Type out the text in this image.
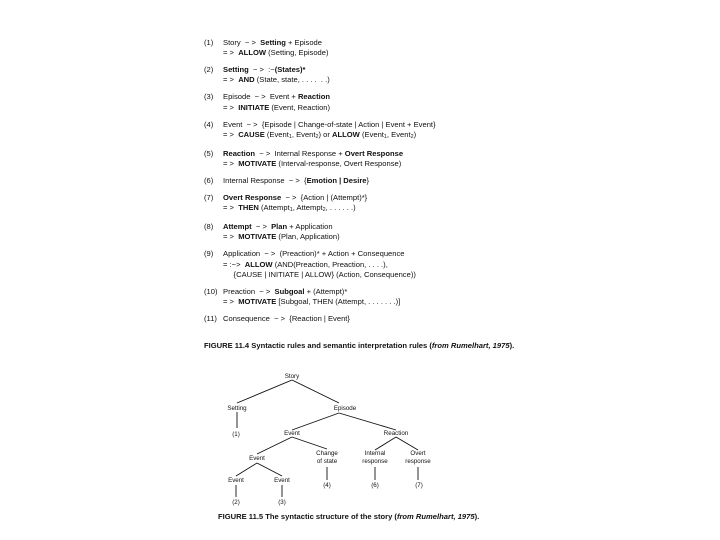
(1)	Story  − >  Setting + Episode
= >  ALLOW (Setting, Episode)
(2)	Setting  − >  :−(States)*
= >  AND (State, state, . . . .  . .)
(3)	Episode  − >  Event + Reaction
= >  INITIATE (Event, Reaction)
(4)	Event  − >  {Episode | Change-of-state | Action | Event + Event}
= >  CAUSE (Event1, Event2) or ALLOW (Event1, Event2)
(5)	Reaction  − >  Internal Response + Overt Response
= >  MOTIVATE (Interval-response, Overt Response)
(6)	Internal Response  − >  {Emotion | Desire}
(7)	Overt Response  − >  {Action | (Attempt)*}
= >  THEN (Attempt1, Attempt2, . . . . . .)
(8)	Attempt  − >  Plan + Application
= >  MOTIVATE (Plan, Application)
(9)	Application  − >  (Preaction)* + Action + Consequence
= :−>  ALLOW (AND(Preaction, Preaction, . . . .),
{CAUSE | INITIATE | ALLOW} (Action, Consequence))
(10) Preaction  − >  Subgoal + (Attempt)*
= >  MOTIVATE [Subgoal, THEN (Attempt, . . . . . . .)]
(11) Consequence  − >  {Reaction | Event}
FIGURE 11.4 Syntactic rules and semantic interpretation rules (from Rumelhart, 1975).
Story
Setting	Episode
(1)	Event	Reaction
Event
Change
of state
Internal
response
Overt
response
Event	Event
(4)	(6)	(7)
(2)	(3)
FIGURE 11.5 The syntactic structure of the story (from Rumelhart, 1975).
